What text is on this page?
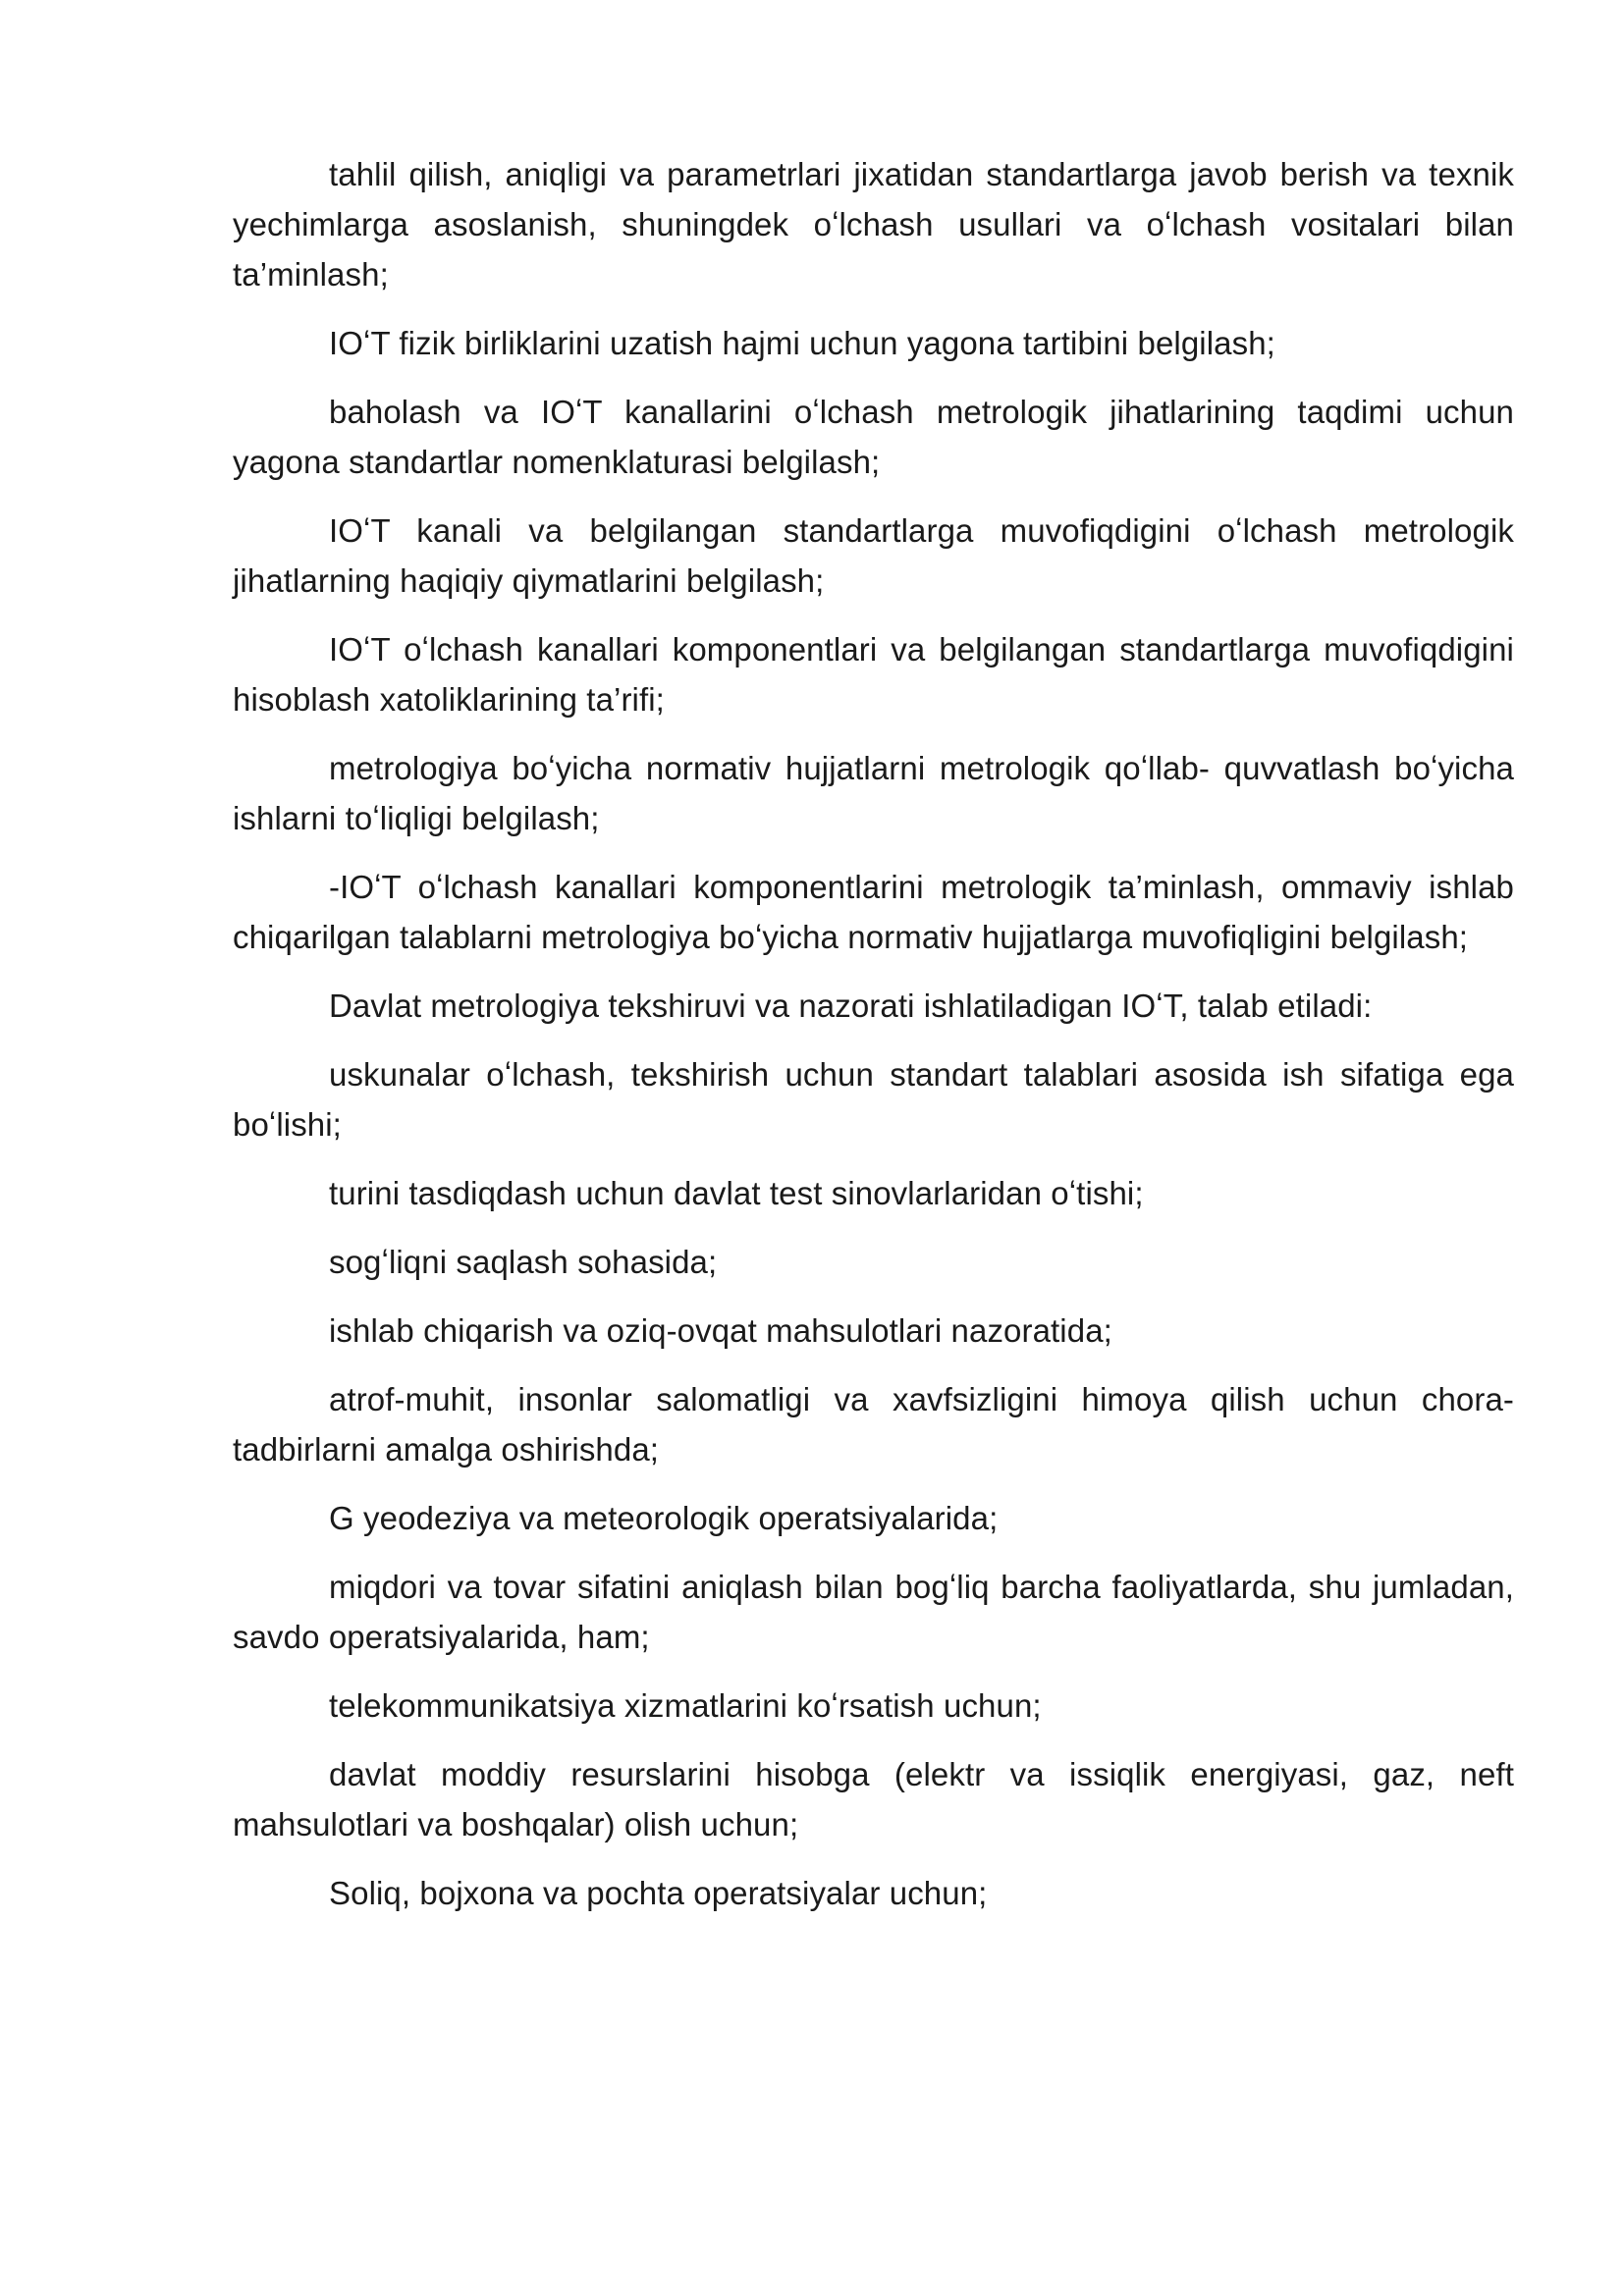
tahlil qilish, aniqligi va parametrlari jixatidan standartlarga javob berish va texnik yechimlarga asoslanish, shuningdek oʻlchash usullari va oʻlchash vositalari bilan ta’minlash;

IOʻT fizik birliklarini uzatish hajmi uchun yagona tartibini belgilash;

baholash va IOʻT kanallarini oʻlchash metrologik jihatlarining taqdimi uchun yagona standartlar nomenklaturasi belgilash;

IOʻT kanali va belgilangan standartlarga muvofiqdigini oʻlchash metrologik jihatlarning haqiqiy qiymatlarini belgilash;

IOʻT oʻlchash kanallari komponentlari va belgilangan standartlarga muvofiqdigini hisoblash xatoliklarining ta’rifi;

metrologiya boʻyicha normativ hujjatlarni metrologik qoʻllab- quvvatlash boʻyicha ishlarni toʻliqligi belgilash;

-IOʻT oʻlchash kanallari komponentlarini metrologik ta’minlash, ommaviy ishlab chiqarilgan talablarni metrologiya boʻyicha normativ hujjatlarga muvofiqligini belgilash;

Davlat metrologiya tekshiruvi va nazorati ishlatiladigan IOʻT, talab etiladi:

uskunalar oʻlchash, tekshirish uchun standart talablari asosida ish sifatiga ega boʻlishi;

turini tasdiqdash uchun davlat test sinovlarlaridan oʻtishi;

sogʻliqni saqlash sohasida;

ishlab chiqarish va oziq-ovqat mahsulotlari nazoratida;

atrof-muhit, insonlar salomatligi va xavfsizligini himoya qilish uchun chora-tadbirlarni amalga oshirishda;

G yeodeziya va meteorologik operatsiyalarida;

miqdori va tovar sifatini aniqlash bilan bogʻliq barcha faoliyatlarda, shu jumladan, savdo operatsiyalarida, ham;

telekommunikatsiya xizmatlarini koʻrsatish uchun;

davlat moddiy resurslarini hisobga (elektr va issiqlik energiyasi, gaz, neft mahsulotlari va boshqalar) olish uchun;

Soliq, bojxona va pochta operatsiyalar uchun;
